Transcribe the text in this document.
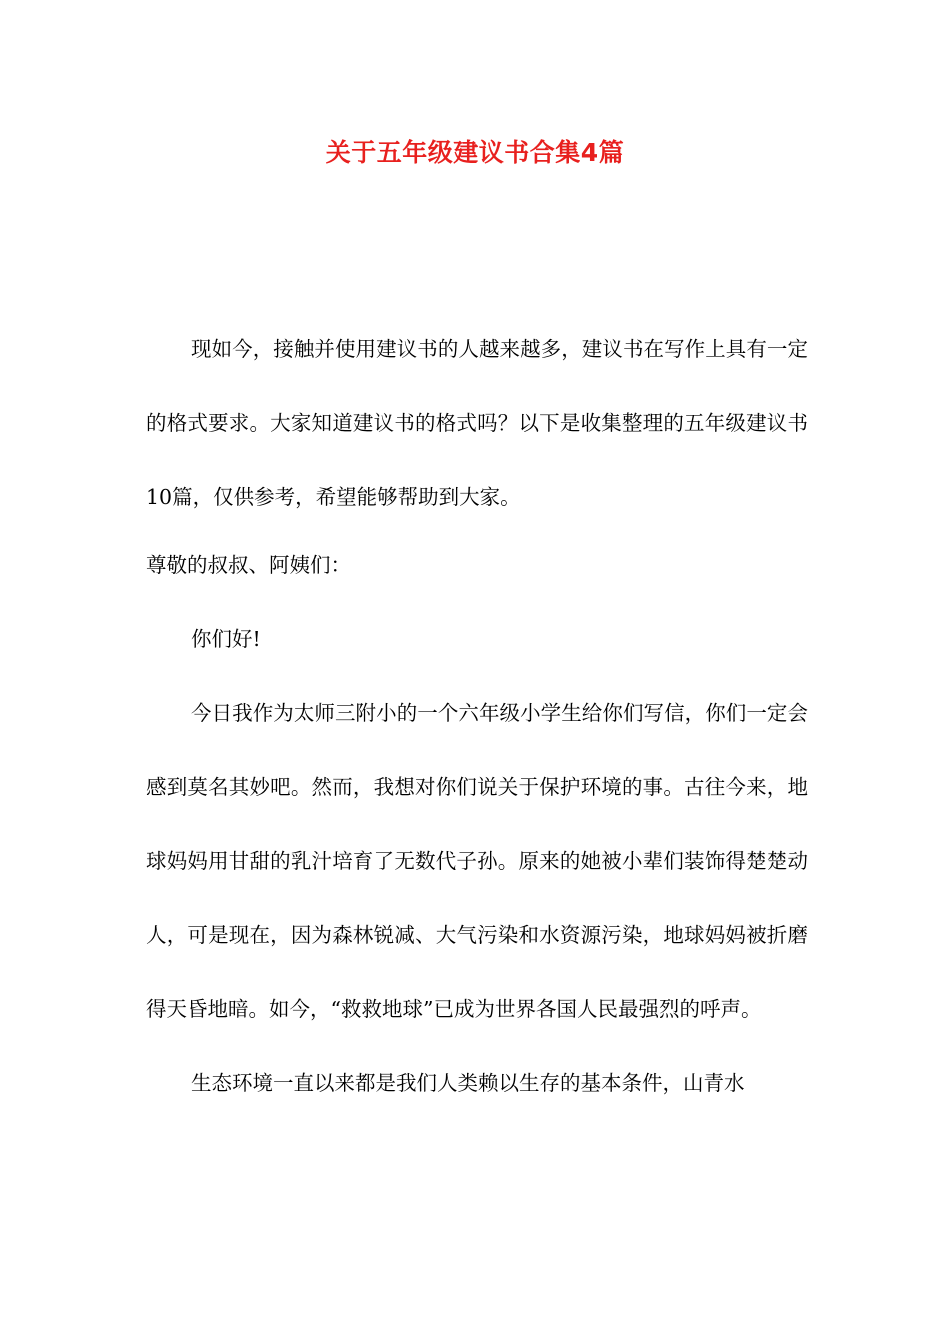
关于五年级建议书合集4篇

现如今，接触并使用建议书的人越来越多，建议书在写作上具有一定的格式要求。大家知道建议书的格式吗？以下是收集整理的五年级建议书10篇，仅供参考，希望能够帮助到大家。

尊敬的叔叔、阿姨们：

你们好!

今日我作为太师三附小的一个六年级小学生给你们写信，你们一定会感到莫名其妙吧。然而，我想对你们说关于保护环境的事。古往今来，地球妈妈用甘甜的乳汁培育了无数代子孙。原来的她被小辈们装饰得楚楚动人，可是现在，因为森林锐减、大气污染和水资源污染，地球妈妈被折磨得天昏地暗。如今，“救救地球”已成为世界各国人民最强烈的呼声。

生态环境一直以来都是我们人类赖以生存的基本条件，山青水
